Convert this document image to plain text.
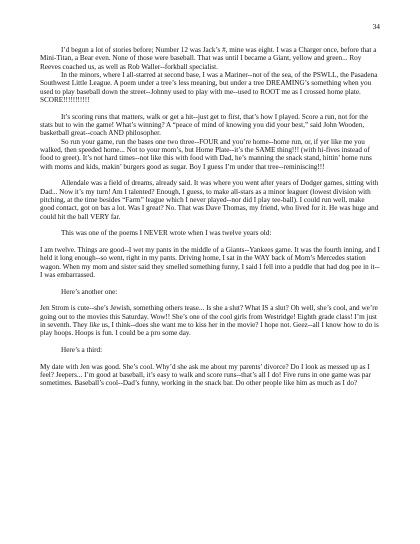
34

I’d begun a lot of stories before; Number 12 was Jack’s #, mine was eight. I was a Charger once, before that a Mini-Titan, a Bear even. None of those were baseball. That was until I became a Giant, yellow and green... Roy Reeves coached us, as well as Rob Waller--forkball specialist.

In the minors, where I all-starred at second base, I was a Mariner--not of the sea, of the PSWLL, the Pasadena Southwest Little League. A poem under a tree’s less meaning, but under a tree DREAMING’s something when you used to play baseball down the street--Johnny used to play with me--used to ROOT me as I crossed home plate. SCORE!!!!!!!!!!!

It’s scoring runs that matters, walk or get a hit--just get to first, that’s how I played. Score a run, not for the stats but to win the game! What’s winning? A “peace of mind of knowing you did your best,” said John Wooden, basketball great--coach AND philosopher.

So run your game, run the bases one two three--FOUR and you’re home--home run, or, if yer like me you walked, then speeded home... Not to your mom’s, but Home Plate--it’s the SAME thing!!! (with hi-fives instead of food to greet). It’s not hard times--not like this with food with Dad, he’s manning the snack stand, hittin’ home runs with moms and kids, makin’ burgers good as sugar. Boy I guess I’m under that tree--reminiscing!!!

Allendale was a field of dreams, already said. It was where you went after years of Dodger games, sitting with Dad... Now it’s my turn! Am I talented? Enough, I guess, to make all-stars as a minor leaguer (lowest division with pitching, at the time besides “Farm” league which I never played--nor did I play tee-ball). I could run well, make good contact, got on bas a lot. Was I great? No. That was Dave Thomas, my friend, who lived for it. He was huge and could hit the ball VERY far.

This was one of the poems I NEVER wrote when I was twelve years old:

I am twelve. Things are good--I wet my pants in the middle of a Giants--Yankees game. It was the fourth inning, and I held it long enough--so went, right in my pants. Driving home, I sat in the WAY back of Mom’s Mercedes station wagon. When my mom and sister said they smelled something funny, I said I fell into a puddle that had dog pee in it--I was embarrassed.

Here’s another one:

Jen Strom is cute--she’s Jewish, something others tease... Is she a slut? What IS a slut? Oh well, she’s cool, and we’re going out to the movies this Saturday. Wow!! She’s one of the cool girls from Westridge! Eighth grade class! I’m just in seventh. They like us, I think--does she want me to kiss her in the movie? I hope not. Geez--all I know how to do is play hoops. Hoops is fun. I could be a pro some day.

Here’s a third:

My date with Jen was good. She’s cool. Why’d she ask me about my parents’ divorce? Do I look as messed up as I feel? Jeepers... I’m good at baseball, it’s easy to walk and score runs--that’s all I do! Five runs in one game was par sometimes. Baseball’s cool--Dad’s funny, working in the snack bar. Do other people like him as much as I do?
